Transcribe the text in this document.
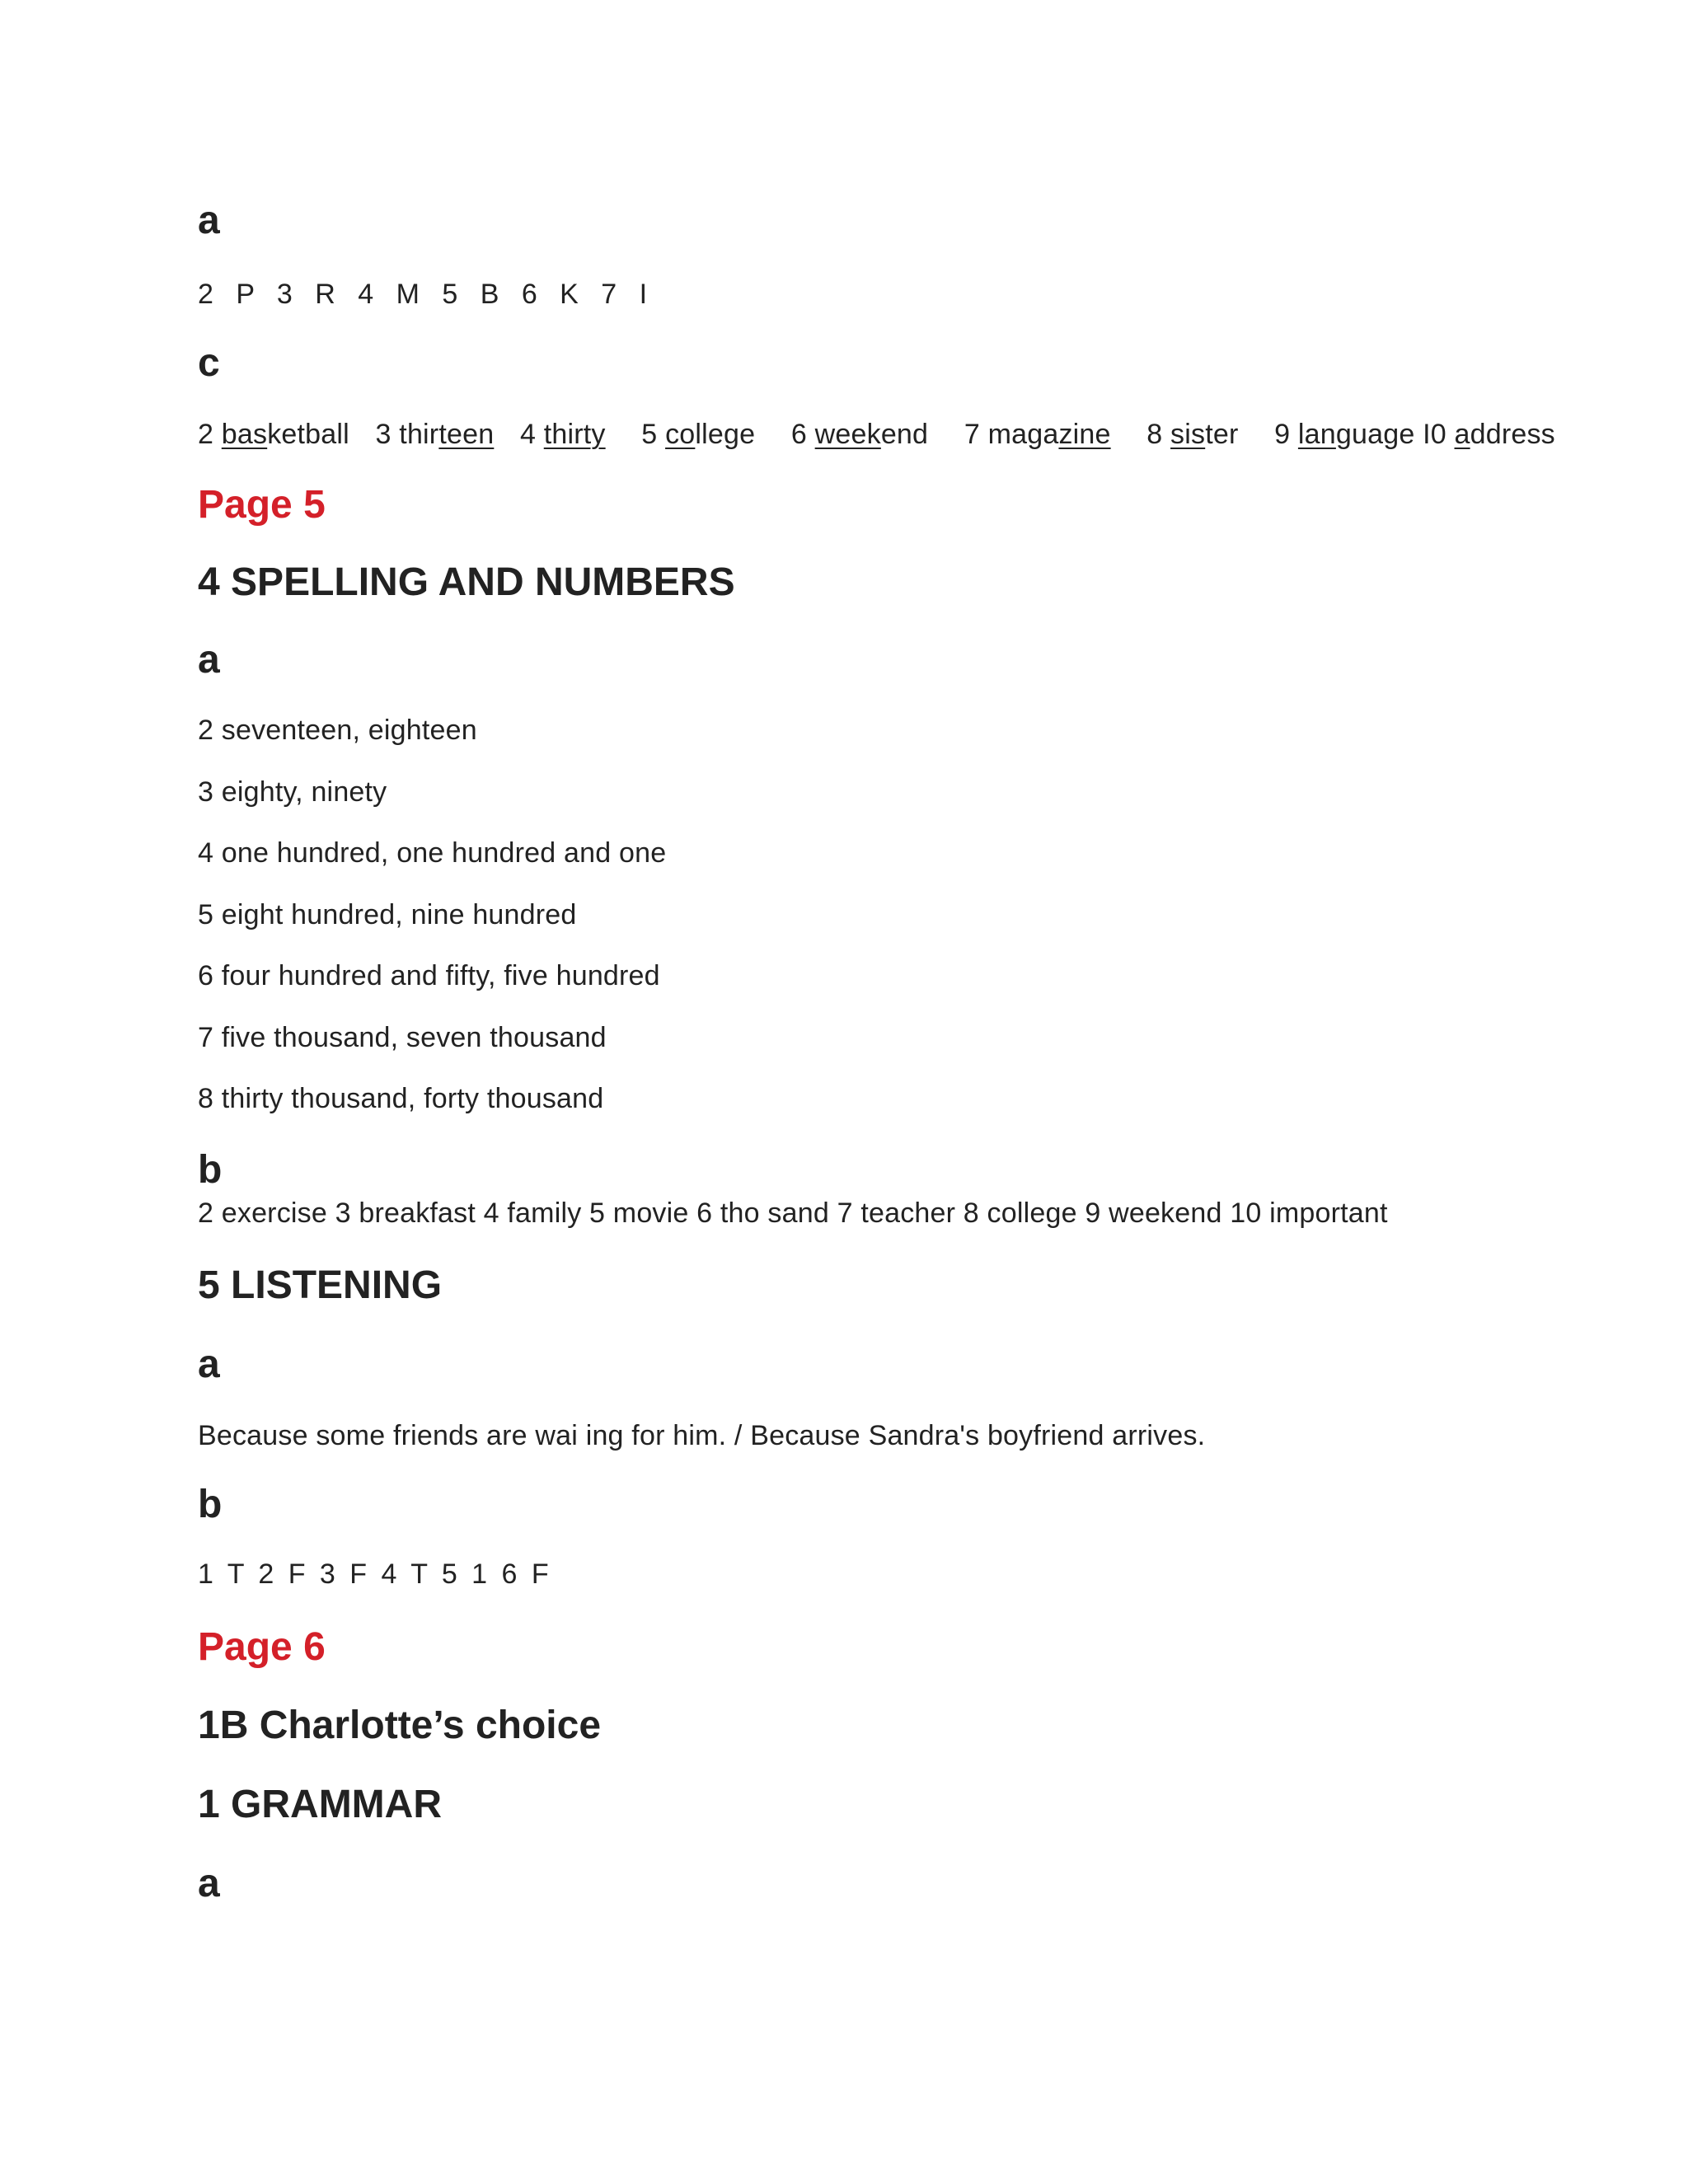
a

2 P 3 R 4 M 5 B 6 K 7 I

c

2 basketball 3 thirteen 4 thirty 5 college 6 weekend 7 magazine 8 sister 9 language I0 address

Page 5

4 SPELLING AND NUMBERS

a

2 seventeen, eighteen

3 eighty, ninety

4 one hundred, one hundred and one

5 eight hundred, nine hundred

6 four hundred and fifty, five hundred

7 five thousand, seven thousand

8 thirty thousand, forty thousand

b

2 exercise 3 breakfast 4 family 5 movie 6 tho sand 7 teacher 8 college 9 weekend 10 important

5 LISTENING

a

Because some friends are wai ing for him. / Because Sandra's boyfriend arrives.

b

1 T 2 F 3 F 4 T 5 1 6 F

Page 6

1B Charlotte’s choice

1 GRAMMAR

a
